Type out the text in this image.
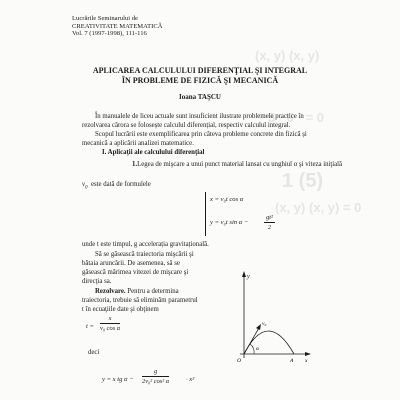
(x, y) (x, y)
5 · 0 · = 0
1 (5)
(x, y) (x, y) = 0
Lucrările Seminarului de
CREATIVITATE MATEMATICĂ
Vol. 7 (1997-1998), 111-116
APLICAREA CALCULULUI DIFERENŢIAL ŞI INTEGRAL
ÎN PROBLEME DE FIZICĂ ŞI MECANICĂ
Ioana TAŞCU
În manualele de liceu actuale sunt insuficient ilustrate problemele practice în
rezolvarea cărora se folosește calculul diferențial, respectiv calculul integral.
Scopul lucrării este exemplificarea prin câteva probleme concrete din fizică și
mecanică a aplicării analizei matematice.
I. Aplicaţii ale calculului diferenţial
1.Legea de mişcare a unui punct material lansat cu unghiul α şi viteza iniţială
$v_0$ este dată de formulele
x = v₀t cos α
y = v₀t sin α −
gt²
2
unde t este timpul, g accelerația gravitațională.
Să se găsească traiectoria mişcării şi
bătaia aruncării. De asemenea, să se
găsească mărimea vitezei de mişcare şi
direcţia sa.
Rezolvare. Pentru a determina
traiectoria, trebuie să eliminăm parametrul
t în ecuaţiile date şi obţinem
t =
x
v₀ cos α
deci
y = x tg α −
g
2v₀² cos² α	· x²
y
v₀
α
O	A x
